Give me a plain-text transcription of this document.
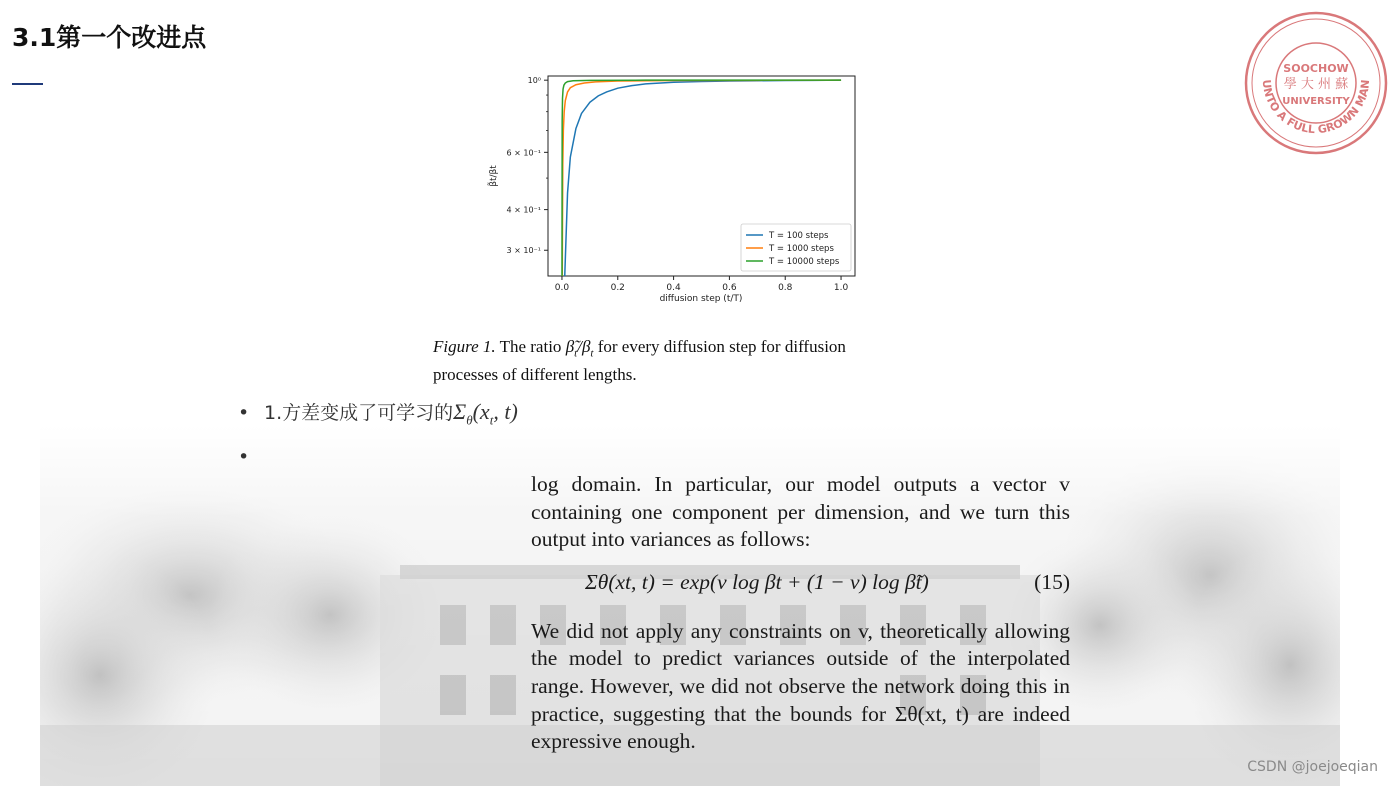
3.1第一个改进点
UNTO A FULL GROWN MAN
SOOCHOW
學 大 州 蘇
UNIVERSITY
0.0	0.2	0.4	0.6	0.8	1.0
3 × 10⁻¹
4 × 10⁻¹
6 × 10⁻¹
10⁰
diffusion step (t/T)
β̃t/βt
T = 100 steps
T = 1000 steps
T = 10000 steps
Figure 1. The ratio $\betã_t/\beta_t$ for every diffusion step for diffusion
processes of different lengths.
• 1.方差变成了可学习的$\Sigma_\theta(x_t$, t)
•

log domain. In particular, our model outputs a vector v containing one component per dimension, and we turn this output into variances as follows:

Σθ(xt, t) = exp(v log βt + (1 − v) log β̃t)	(15)

We did not apply any constraints on v, theoretically allowing the model to predict variances outside of the interpolated range. However, we did not observe the network doing this in practice, suggesting that the bounds for Σθ(xt, t) are indeed expressive enough.

CSDN @joejoeqian
